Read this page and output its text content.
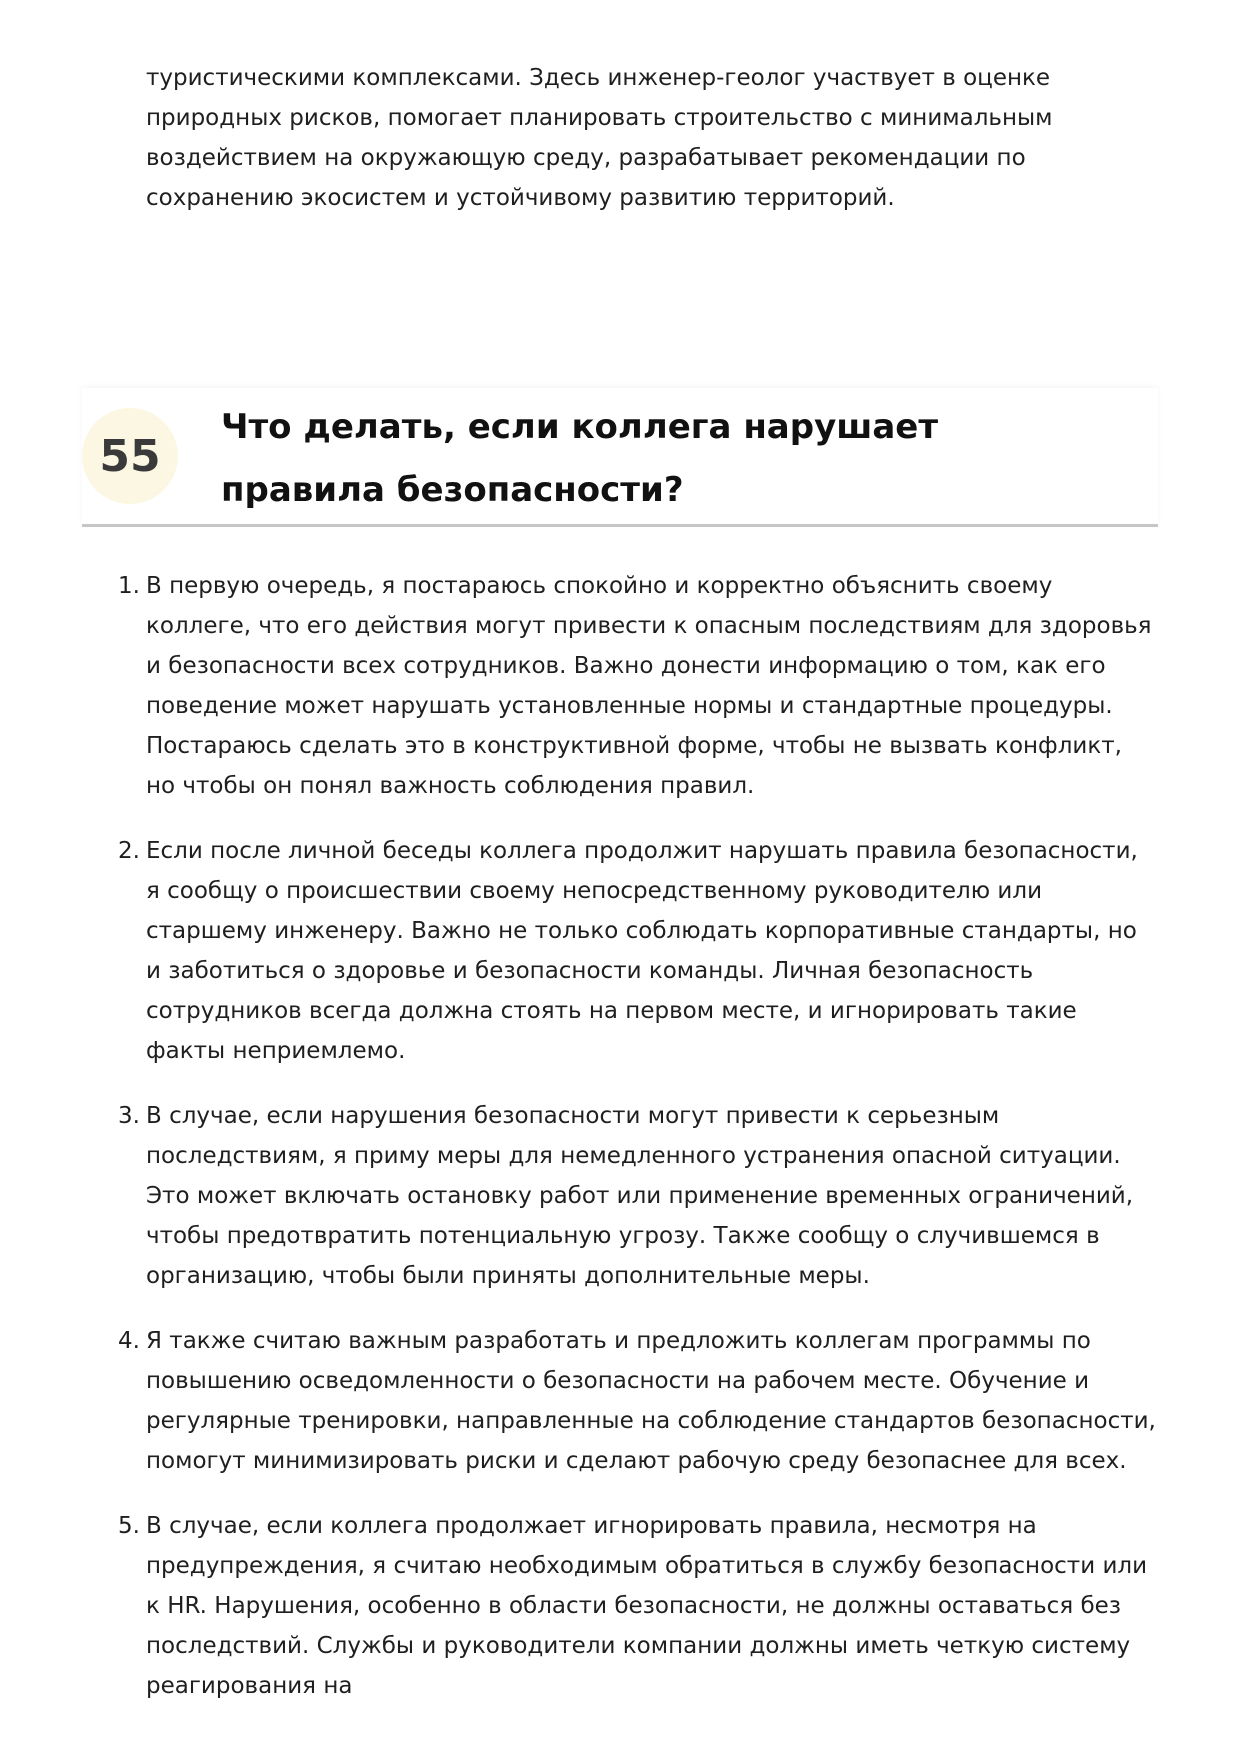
туристическими комплексами. Здесь инженер-геолог участвует в оценке природных рисков, помогает планировать строительство с минимальным воздействием на окружающую среду, разрабатывает рекомендации по сохранению экосистем и устойчивому развитию территорий.

55
Что делать, если коллега нарушает правила безопасности?
1. В первую очередь, я постараюсь спокойно и корректно объяснить своему коллеге, что его действия могут привести к опасным последствиям для здоровья и безопасности всех сотрудников. Важно донести информацию о том, как его поведение может нарушать установленные нормы и стандартные процедуры. Постараюсь сделать это в конструктивной форме, чтобы не вызвать конфликт, но чтобы он понял важность соблюдения правил.
2. Если после личной беседы коллега продолжит нарушать правила безопасности, я сообщу о происшествии своему непосредственному руководителю или старшему инженеру. Важно не только соблюдать корпоративные стандарты, но и заботиться о здоровье и безопасности команды. Личная безопасность сотрудников всегда должна стоять на первом месте, и игнорировать такие факты неприемлемо.
3. В случае, если нарушения безопасности могут привести к серьезным последствиям, я приму меры для немедленного устранения опасной ситуации. Это может включать остановку работ или применение временных ограничений, чтобы предотвратить потенциальную угрозу. Также сообщу о случившемся в организацию, чтобы были приняты дополнительные меры.
4. Я также считаю важным разработать и предложить коллегам программы по повышению осведомленности о безопасности на рабочем месте. Обучение и регулярные тренировки, направленные на соблюдение стандартов безопасности, помогут минимизировать риски и сделают рабочую среду безопаснее для всех.
5. В случае, если коллега продолжает игнорировать правила, несмотря на предупреждения, я считаю необходимым обратиться в службу безопасности или к HR. Нарушения, особенно в области безопасности, не должны оставаться без последствий. Службы и руководители компании должны иметь четкую систему реагирования на
